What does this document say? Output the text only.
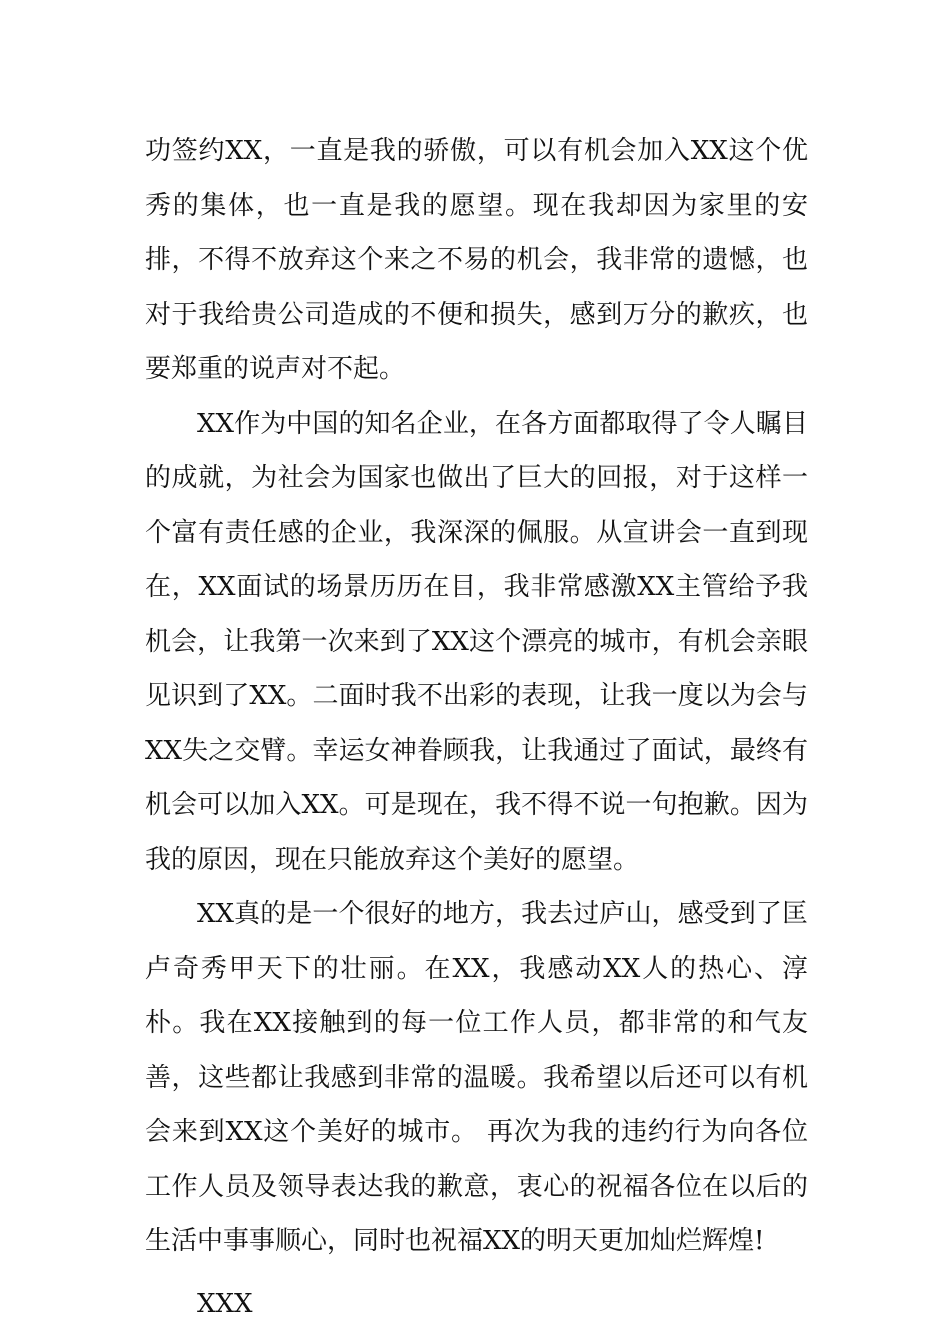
功签约XX，一直是我的骄傲，可以有机会加入XX这个优秀的集体，也一直是我的愿望。现在我却因为家里的安排，不得不放弃这个来之不易的机会，我非常的遗憾，也对于我给贵公司造成的不便和损失，感到万分的歉疚，也要郑重的说声对不起。

XX作为中国的知名企业，在各方面都取得了令人瞩目的成就，为社会为国家也做出了巨大的回报，对于这样一个富有责任感的企业，我深深的佩服。从宣讲会一直到现在，XX面试的场景历历在目，我非常感激XX主管给予我机会，让我第一次来到了XX这个漂亮的城市，有机会亲眼见识到了XX。二面时我不出彩的表现，让我一度以为会与XX失之交臂。幸运女神眷顾我，让我通过了面试，最终有机会可以加入XX。可是现在，我不得不说一句抱歉。因为我的原因，现在只能放弃这个美好的愿望。

XX真的是一个很好的地方，我去过庐山，感受到了匡卢奇秀甲天下的壮丽。在XX，我感动XX人的热心、淳朴。我在XX接触到的每一位工作人员，都非常的和气友善，这些都让我感到非常的温暖。我希望以后还可以有机会来到XX这个美好的城市。 再次为我的违约行为向各位工作人员及领导表达我的歉意，衷心的祝福各位在以后的生活中事事顺心，同时也祝福XX的明天更加灿烂辉煌!

XXX
